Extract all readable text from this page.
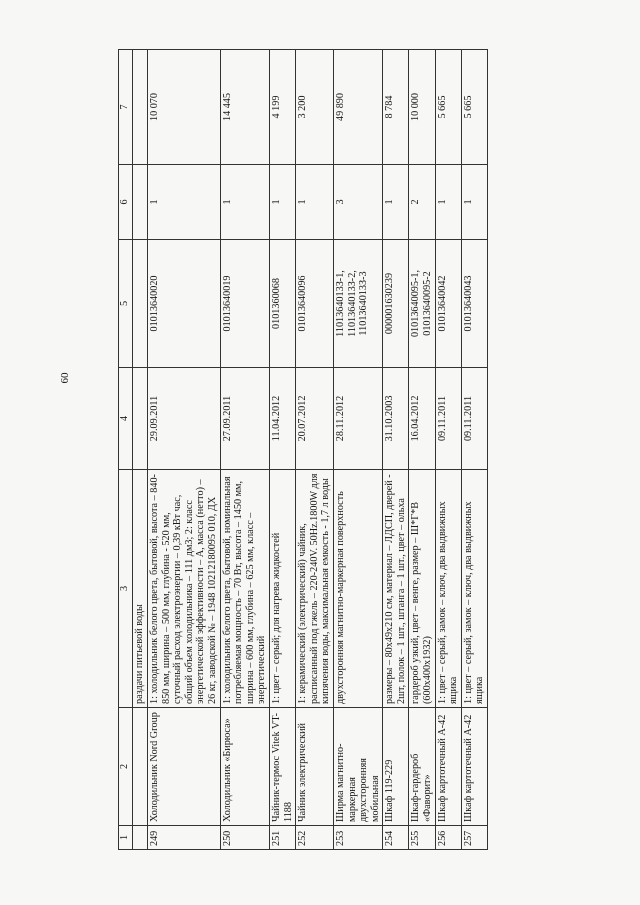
60
1	2	3	4	5	6	7
		раздачи питьевой воды				
249	Холодильник Nord Group	1: холодильник белого цвета, бытовой, высота – 840-850 мм, ширина – 500 мм, глубина - 520 мм, суточный расход электроэнергии – 0,39 кВт час, общий объем холодильника – 111 дм3; 2: класс энергетической эффективности – А, масса (нетто) – 26 кг, заводской № – 1948 10212180095 010, ДХ	29.09.2011	01013640020	1	10 070
250	Холодильник «Бирюса»	1: холодильник белого цвета, бытовой, номинальная потребляемая мощность – 70 Вт, высота – 1450 мм, ширина – 600 мм, глубина – 625 мм, класс – энергетический	27.09.2011	01013640019	1	14 445
251	Чайник-термос Vitek VT-1188	1: цвет – серый; для нагрева жидкостей	11.04.2012	0101360068	1	4 199
252	Чайник электрический	1: керамический (электрический) чайник, расписанный под гжель – 220-240V. 50Hz.1800W для кипячения воды, максимальная емкость - 1,7 л воды	20.07.2012	01013640096	1	3 200
253	Ширма магнитно-маркерная двухсторонняя мобильная	двухсторонняя магнитно-маркерная поверхность	28.11.2012	1101364013З-1, 1101364013З-2, 1101364013З-3	3	49 890
254	Шкаф 119-229	размеры – 80х49х210 см, материал – ЛДСП, дверей - 2шт, полок – 1 шт., штанга – 1 шт., цвет – ольха	31.10.2003	000001630239	1	8 784
255	Шкаф-гардероб «Фаворит»	гардероб узкий, цвет – венге, размер – Ш*Г*В (600х400х1932)	16.04.2012	01013640095-1, 01013640095-2	2	10 000
256	Шкаф картотечный А-42	1: цвет – серый, замок – ключ, два выдвижных ящика	09.11.2011	01013640042	1	5 665
257	Шкаф картотечный А-42	1: цвет – серый, замок – ключ, два выдвижных ящика	09.11.2011	01013640043	1	5 665
